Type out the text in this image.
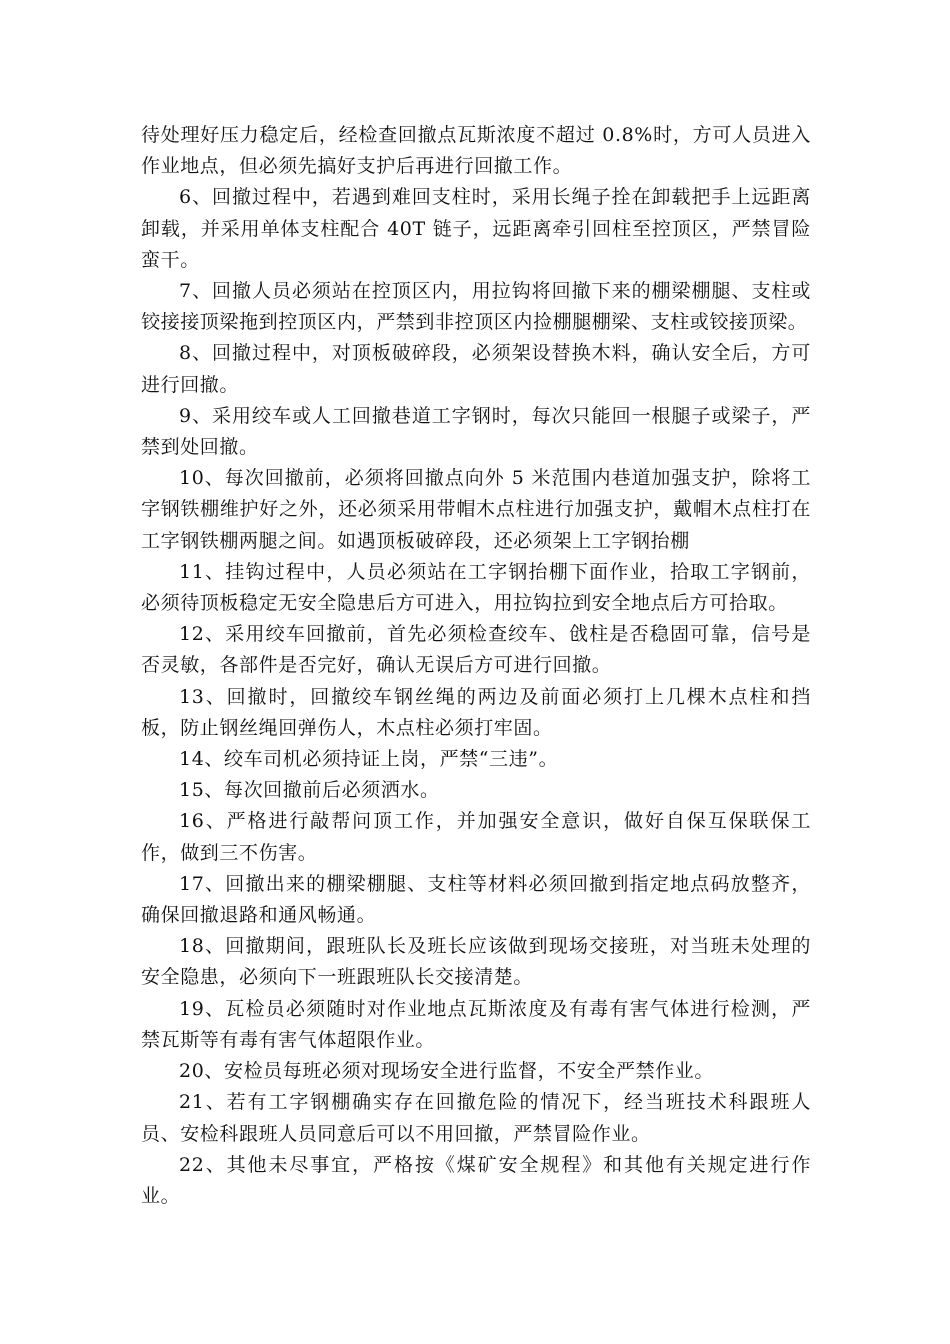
待处理好压力稳定后，经检查回撤点瓦斯浓度不超过 0.8%时，方可人员进入作业地点，但必须先搞好支护后再进行回撤工作。

6、回撤过程中，若遇到难回支柱时，采用长绳子拴在卸载把手上远距离卸载，并采用单体支柱配合 40T 链子，远距离牵引回柱至控顶区，严禁冒险蛮干。

7、回撤人员必须站在控顶区内，用拉钩将回撤下来的棚梁棚腿、支柱或铰接接顶梁拖到控顶区内，严禁到非控顶区内捡棚腿棚梁、支柱或铰接顶梁。

8、回撤过程中，对顶板破碎段，必须架设替换木料，确认安全后，方可进行回撤。

9、采用绞车或人工回撤巷道工字钢时，每次只能回一根腿子或梁子，严禁到处回撤。

10、每次回撤前，必须将回撤点向外 5 米范围内巷道加强支护，除将工字钢铁棚维护好之外，还必须采用带帽木点柱进行加强支护，戴帽木点柱打在工字钢铁棚两腿之间。如遇顶板破碎段，还必须架上工字钢抬棚

11、挂钩过程中，人员必须站在工字钢抬棚下面作业，拾取工字钢前，必须待顶板稳定无安全隐患后方可进入，用拉钩拉到安全地点后方可拾取。

12、采用绞车回撤前，首先必须检查绞车、戗柱是否稳固可靠，信号是否灵敏，各部件是否完好，确认无误后方可进行回撤。

13、回撤时，回撤绞车钢丝绳的两边及前面必须打上几棵木点柱和挡板，防止钢丝绳回弹伤人，木点柱必须打牢固。

14、绞车司机必须持证上岗，严禁“三违”。

15、每次回撤前后必须洒水。

16、严格进行敲帮问顶工作，并加强安全意识，做好自保互保联保工作，做到三不伤害。

17、回撤出来的棚梁棚腿、支柱等材料必须回撤到指定地点码放整齐，确保回撤退路和通风畅通。

18、回撤期间，跟班队长及班长应该做到现场交接班，对当班未处理的安全隐患，必须向下一班跟班队长交接清楚。

19、瓦检员必须随时对作业地点瓦斯浓度及有毒有害气体进行检测，严禁瓦斯等有毒有害气体超限作业。

20、安检员每班必须对现场安全进行监督，不安全严禁作业。

21、若有工字钢棚确实存在回撤危险的情况下，经当班技术科跟班人员、安检科跟班人员同意后可以不用回撤，严禁冒险作业。

22、其他未尽事宜，严格按《煤矿安全规程》和其他有关规定进行作业。
